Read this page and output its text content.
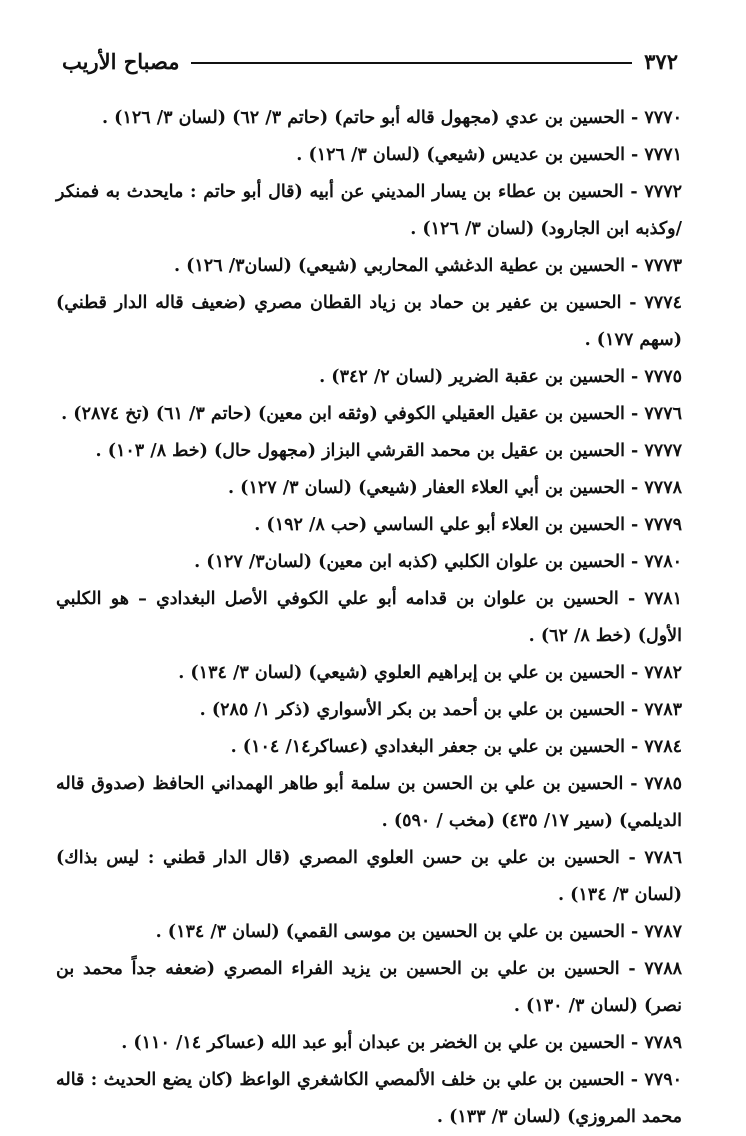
٣٧٢
مصباح الأريب

٧٧٧٠ - الحسين بن عدي (مجهول قاله أبو حاتم) (حاتم ٣/ ٦٢) (لسان ٣/ ١٢٦) .

٧٧٧١ - الحسين بن عديس (شيعي) (لسان ٣/ ١٢٦) .

٧٧٧٢ - الحسين بن عطاء بن يسار المديني عن أبيه (قال أبو حاتم : مايحدث به فمنكر /وكذبه ابن الجارود) (لسان ٣/ ١٢٦) .

٧٧٧٣ - الحسين بن عطية الدغشي المحاربي (شيعي) (لسان٣/ ١٢٦) .

٧٧٧٤ - الحسين بن عفير بن حماد بن زياد القطان مصري (ضعيف قاله الدار قطني) (سهم ١٧٧) .

٧٧٧٥ - الحسين بن عقبة الضرير (لسان ٢/ ٣٤٢) .

٧٧٧٦ - الحسين بن عقيل العقيلي الكوفي (وثقه ابن معين) (حاتم ٣/ ٦١) (تخ ٢٨٧٤) .

٧٧٧٧ - الحسين بن عقيل بن محمد القرشي البزاز (مجهول حال) (خط ٨/ ١٠٣) .

٧٧٧٨ - الحسين بن أبي العلاء العفار (شيعي) (لسان ٣/ ١٢٧) .

٧٧٧٩ - الحسين بن العلاء أبو علي الساسي (حب ٨/ ١٩٢) .

٧٧٨٠ - الحسين بن علوان الكلبي (كذبه ابن معين) (لسان٣/ ١٢٧) .

٧٧٨١ - الحسين بن علوان بن قدامه أبو علي الكوفي الأصل البغدادي – هو الكلبي الأول) (خط ٨/ ٦٢) .

٧٧٨٢ - الحسين بن علي بن إبراهيم العلوي (شيعي) (لسان ٣/ ١٣٤) .

٧٧٨٣ - الحسين بن علي بن أحمد بن بكر الأسواري (ذكر ١/ ٢٨٥) .

٧٧٨٤ - الحسين بن علي بن جعفر البغدادي (عساكر١٤/ ١٠٤) .

٧٧٨٥ - الحسين بن علي بن الحسن بن سلمة أبو طاهر الهمداني الحافظ (صدوق قاله الديلمي) (سير ١٧/ ٤٣٥) (مخب / ٥٩٠) .

٧٧٨٦ - الحسين بن علي بن حسن العلوي المصري (قال الدار قطني : ليس بذاك) (لسان ٣/ ١٣٤) .

٧٧٨٧ - الحسين بن علي بن الحسين بن موسى القمي) (لسان ٣/ ١٣٤) .

٧٧٨٨ - الحسين بن علي بن الحسين بن يزيد الفراء المصري (ضعفه جداً محمد بن نصر) (لسان ٣/ ١٣٠) .

٧٧٨٩ - الحسين بن علي بن الخضر بن عبدان أبو عبد الله (عساكر ١٤/ ١١٠) .

٧٧٩٠ - الحسين بن علي بن خلف الألمصي الكاشغري الواعظ (كان يضع الحديث : قاله محمد المروزي) (لسان ٣/ ١٣٣) .
